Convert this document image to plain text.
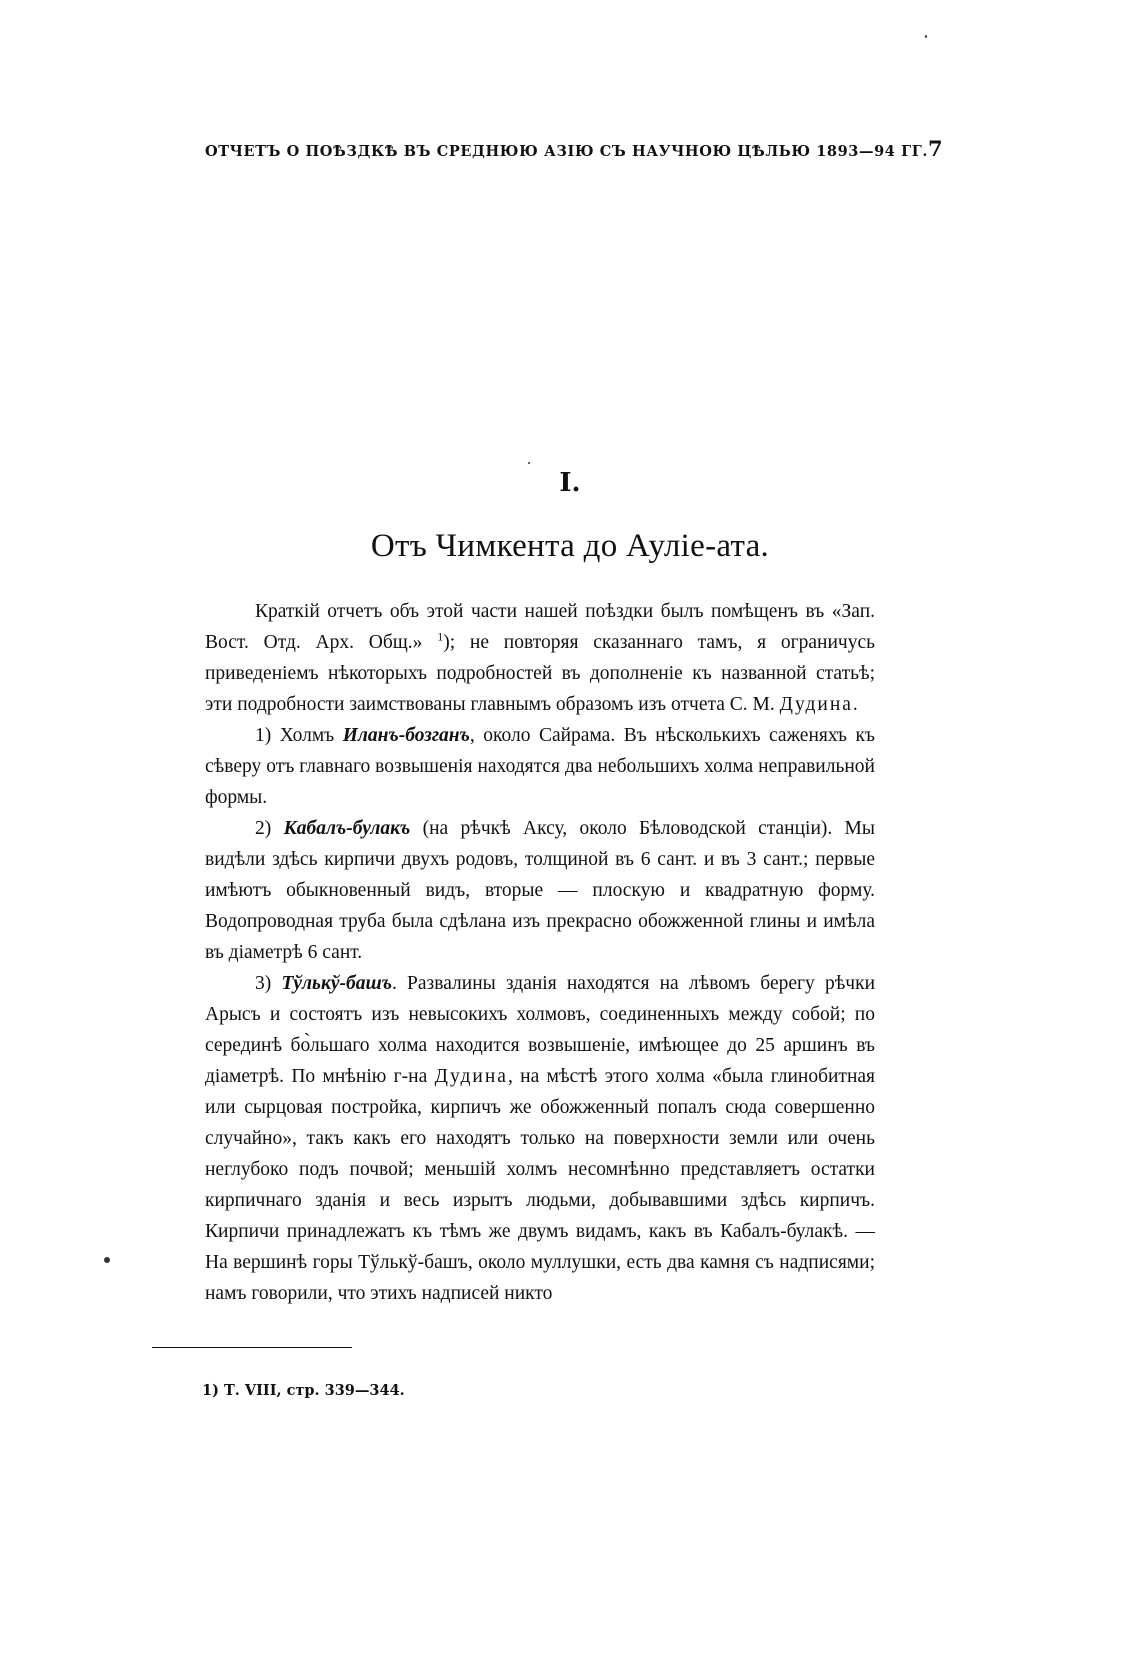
ОТЧЕТЪ О ПОѢЗДКѢ ВЪ СРЕДНЮЮ АЗІЮ СЪ НАУЧНОЮ ЦѢЛЬЮ 1893—94 ГГ. 7
I.
Отъ Чимкента до Ауліе-ата.

Краткій отчетъ объ этой части нашей поѣздки былъ помѣщенъ въ «Зап. Вост. Отд. Арх. Общ.» $^1$); не повторяя сказаннаго тамъ, я ограничусь приведеніемъ нѣкоторыхъ подробностей въ дополненіе къ названной статьѣ; эти подробности заимствованы главнымъ образомъ изъ отчета С. М. Дудина.

1) Холмъ Иланъ-бозганъ, около Сайрама. Въ нѣсколькихъ саженяхъ къ сѣверу отъ главнаго возвышенія находятся два небольшихъ холма неправильной формы.

2) Кабалъ-булакъ (на рѣчкѣ Аксу, около Бѣловодской станціи). Мы видѣли здѣсь кирпичи двухъ родовъ, толщиной въ 6 сант. и въ 3 сант.; первые имѣютъ обыкновенный видъ, вторые — плоскую и квадратную форму. Водопроводная труба была сдѣлана изъ прекрасно обожженной глины и имѣла въ діаметрѣ 6 сант.

3) Тўлькў-башъ. Развалины зданія находятся на лѣвомъ берегу рѣчки Арысъ и состоятъ изъ невысокихъ холмовъ, соединенныхъ между собой; по серединѣ бо̀льшаго холма находится возвышеніе, имѣющее до 25 аршинъ въ діаметрѣ. По мнѣнію г-на Дудина, на мѣстѣ этого холма «была глинобитная или сырцовая постройка, кирпичъ же обожженный попалъ сюда совершенно случайно», такъ какъ его находятъ только на поверхности земли или очень неглубоко подъ почвой; меньшій холмъ несомнѣнно представляетъ остатки кирпичнаго зданія и весь изрытъ людьми, добывавшими здѣсь кирпичъ. Кирпичи принадлежатъ къ тѣмъ же двумъ видамъ, какъ въ Кабалъ-булакѣ. — На вершинѣ горы Тўлькў-башъ, около муллушки, есть два камня съ надписями; намъ говорили, что этихъ надписей никто

1) Т. VIII, стр. 339—344.
